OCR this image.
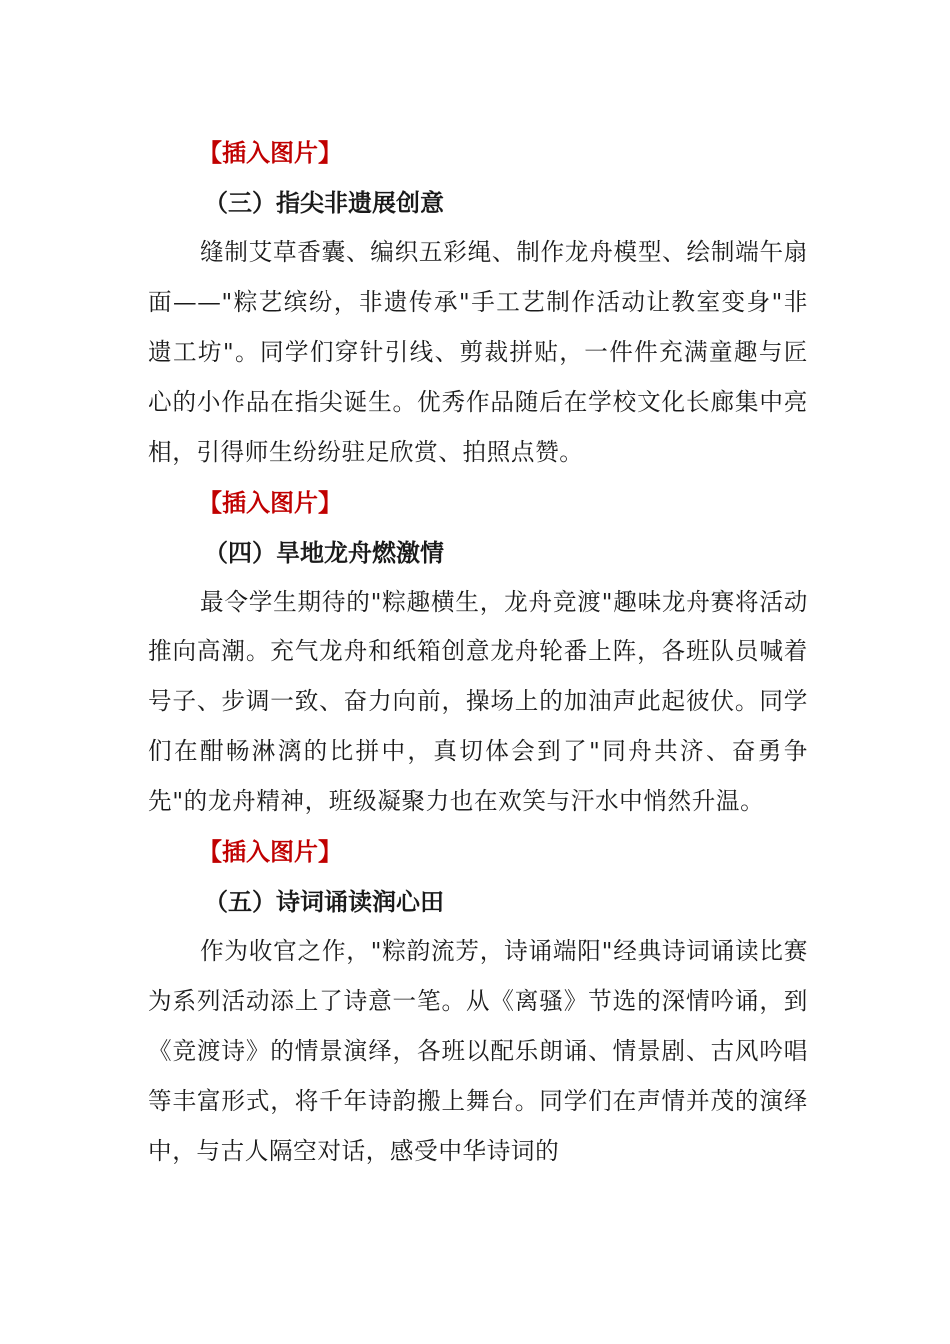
【插入图片】
（三）指尖非遗展创意

缝制艾草香囊、编织五彩绳、制作龙舟模型、绘制端午扇面——"粽艺缤纷，非遗传承"手工艺制作活动让教室变身"非遗工坊"。同学们穿针引线、剪裁拼贴，一件件充满童趣与匠心的小作品在指尖诞生。优秀作品随后在学校文化长廊集中亮相，引得师生纷纷驻足欣赏、拍照点赞。

【插入图片】
（四）旱地龙舟燃激情

最令学生期待的"粽趣横生，龙舟竞渡"趣味龙舟赛将活动推向高潮。充气龙舟和纸箱创意龙舟轮番上阵，各班队员喊着号子、步调一致、奋力向前，操场上的加油声此起彼伏。同学们在酣畅淋漓的比拼中，真切体会到了"同舟共济、奋勇争先"的龙舟精神，班级凝聚力也在欢笑与汗水中悄然升温。

【插入图片】
（五）诗词诵读润心田

作为收官之作，"粽韵流芳，诗诵端阳"经典诗词诵读比赛为系列活动添上了诗意一笔。从《离骚》节选的深情吟诵，到《竞渡诗》的情景演绎，各班以配乐朗诵、情景剧、古风吟唱等丰富形式，将千年诗韵搬上舞台。同学们在声情并茂的演绎中，与古人隔空对话，感受中华诗词的
